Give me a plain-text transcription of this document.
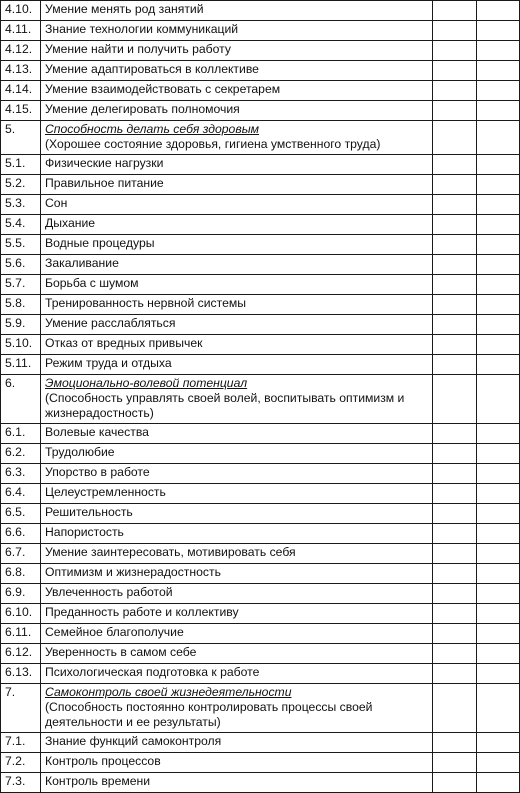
4.10.	Умение менять род занятий		
4.11.	Знание технологии коммуникаций		
4.12.	Умение найти и получить работу		
4.13.	Умение адаптироваться в коллективе		
4.14.	Умение взаимодействовать с секретарем		
4.15.	Умение делегировать полномочия		
5.	Способность делать себя здоровым
(Хорошее состояние здоровья, гигиена умственного труда)		

5.1.	Физические нагрузки		
5.2.	Правильное питание		
5.3.	Сон		
5.4.	Дыхание		
5.5.	Водные процедуры		
5.6.	Закаливание		
5.7.	Борьба с шумом		
5.8.	Тренированность нервной системы		
5.9.	Умение расслабляться		
5.10.	Отказ от вредных привычек		
5.11.	Режим труда и отдыха		
6.	Эмоционально-волевой потенциал
(Способность управлять своей волей, воспитывать оптимизм и жизнерадостность)		

6.1.	Волевые качества		
6.2.	Трудолюбие		
6.3.	Упорство в работе		
6.4.	Целеустремленность		
6.5.	Решительность		
6.6.	Напористость		
6.7.	Умение заинтересовать, мотивировать себя		
6.8.	Оптимизм и жизнерадостность		
6.9.	Увлеченность работой		
6.10.	Преданность работе и коллективу		
6.11.	Семейное благополучие		
6.12.	Уверенность в самом себе		
6.13.	Психологическая подготовка к работе		
7.	Самоконтроль своей жизнедеятельности
(Способность постоянно контролировать процессы своей деятельности и ее результаты)		

7.1.	Знание функций самоконтроля		
7.2.	Контроль процессов		
7.3.	Контроль времени		
